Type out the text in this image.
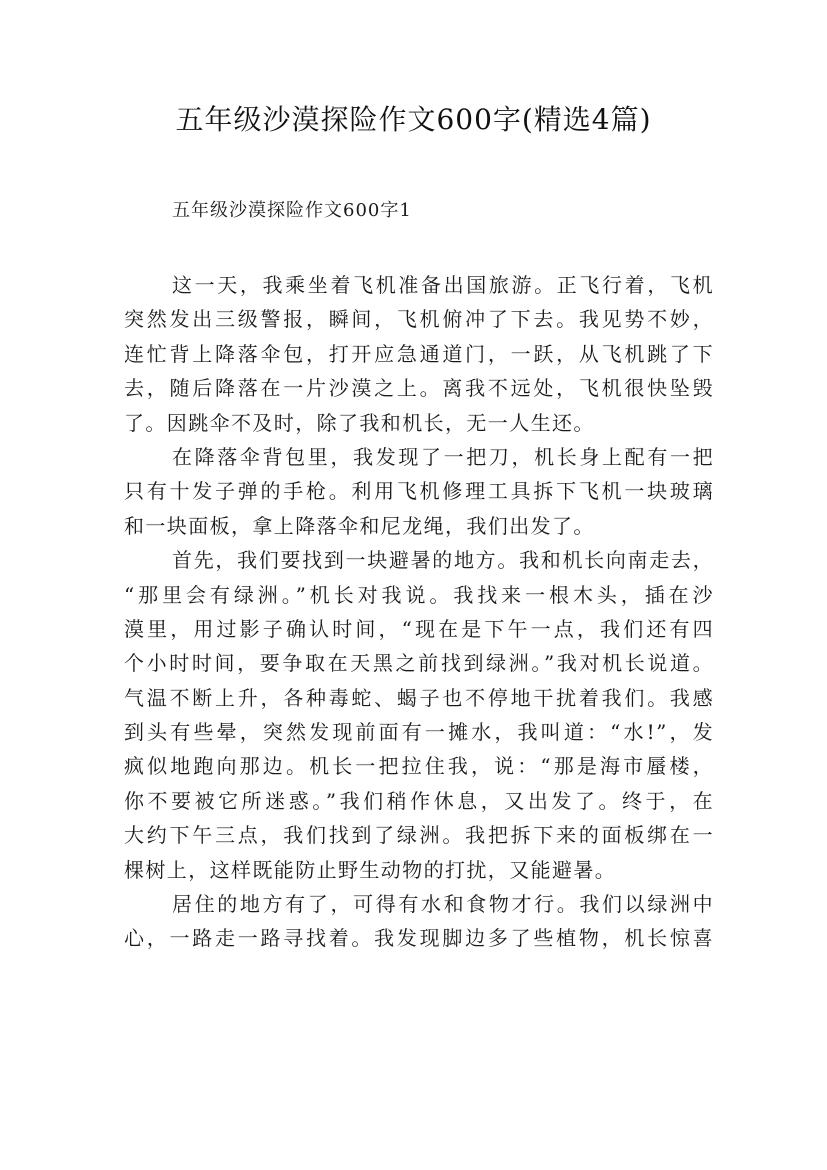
五年级沙漠探险作文600字(精选4篇)
五年级沙漠探险作文600字1
这一天，我乘坐着飞机准备出国旅游。正飞行着，飞机
突然发出三级警报，瞬间，飞机俯冲了下去。我见势不妙，
连忙背上降落伞包，打开应急通道门，一跃，从飞机跳了下
去，随后降落在一片沙漠之上。离我不远处，飞机很快坠毁
了。因跳伞不及时，除了我和机长，无一人生还。
在降落伞背包里，我发现了一把刀，机长身上配有一把
只有十发子弹的手枪。利用飞机修理工具拆下飞机一块玻璃
和一块面板，拿上降落伞和尼龙绳，我们出发了。
首先，我们要找到一块避暑的地方。我和机长向南走去，
“那里会有绿洲。”机长对我说。我找来一根木头，插在沙
漠里，用过影子确认时间，“现在是下午一点，我们还有四
个小时时间，要争取在天黑之前找到绿洲。”我对机长说道。
气温不断上升，各种毒蛇、蝎子也不停地干扰着我们。我感
到头有些晕，突然发现前面有一摊水，我叫道：“水!”，发
疯似地跑向那边。机长一把拉住我，说：“那是海市蜃楼，
你不要被它所迷惑。”我们稍作休息，又出发了。终于，在
大约下午三点，我们找到了绿洲。我把拆下来的面板绑在一
棵树上，这样既能防止野生动物的打扰，又能避暑。
居住的地方有了，可得有水和食物才行。我们以绿洲中
心，一路走一路寻找着。我发现脚边多了些植物，机长惊喜
